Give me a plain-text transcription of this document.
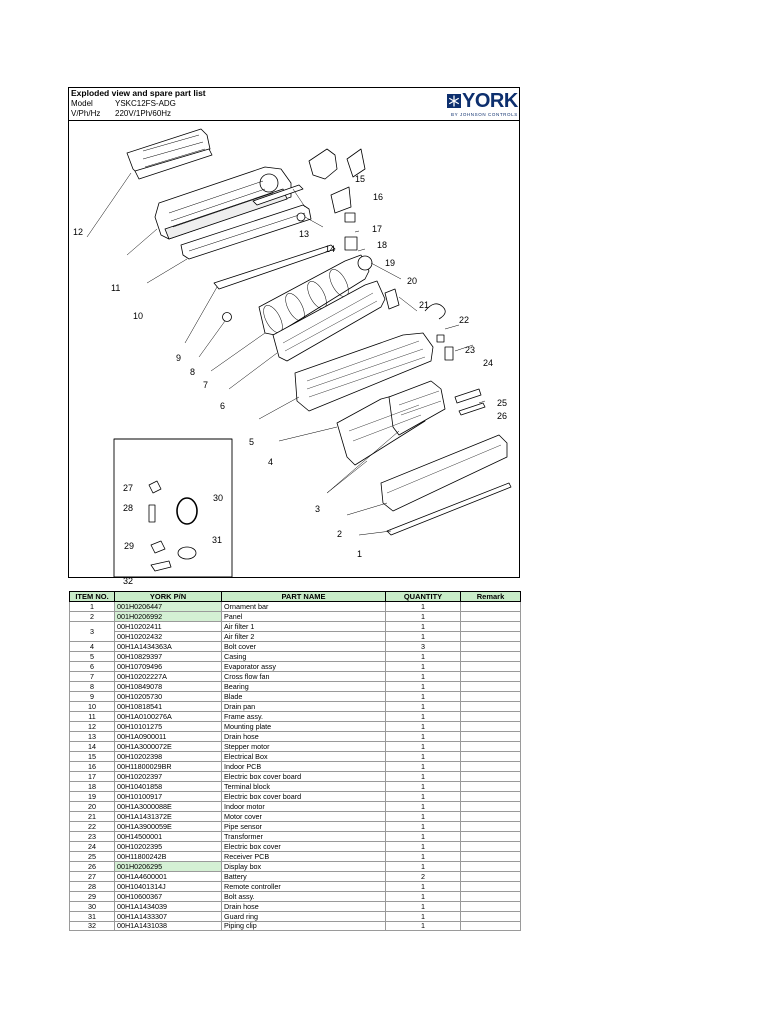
Exploded view and spare part list
Model	YSKC12FS-ADG
V/Ph/Hz 220V/1Ph/60Hz
YORK
BY JOHNSON CONTROLS
1
2
3
4
5
6
7
8
9
10
11
12	13
14
15
16
17
18
19
20
21
22
23
24
25
26
27
28
30
29
31
32
ITEM NO.	YORK P/N	PART NAME	QUANTITY	Remark
1	001H0206447	Ornament bar	1	
2	001H0206992	Panel	1	
3	00H10202411	Air filter 1	1	
	00H10202432	Air filter 2	1	
4	00H1A1434363A	Bolt cover	3	
5	00H10829397	Casing	1	
6	00H10709496	Evaporator assy	1	
7	00H10202227A	Cross flow fan	1	
8	00H10849078	Bearing	1	
9	00H10205730	Blade	1	
10	00H10818541	Drain pan	1	
11	00H1A0100276A	Frame assy.	1	
12	00H10101275	Mounting plate	1	
13	00H1A0900011	Drain hose	1	
14	00H1A3000072E	Stepper motor	1	
15	00H10202398	Electrical Box	1	
16	00H11800029BR	Indoor PCB	1	
17	00H10202397	Electric box cover board	1	
18	00H10401858	Terminal block	1	
19	00H10100917	Electric box cover board	1	
20	00H1A3000088E	Indoor motor	1	
21	00H1A1431372E	Motor cover	1	
22	00H1A3900059E	Pipe sensor	1	
23	00H14500001	Transformer	1	
24	00H10202395	Electric box cover	1	
25	00H11800242B	Receiver PCB	1	
26	001H0206295	Display box	1	
27	00H1A4600001	Battery	2	
28	00H10401314J	Remote controller	1	
29	00H10600367	Bolt assy.	1	
30	00H1A1434039	Drain hose	1	
31	00H1A1433307	Guard ring	1	
32	00H1A1431038	Piping clip	1	
